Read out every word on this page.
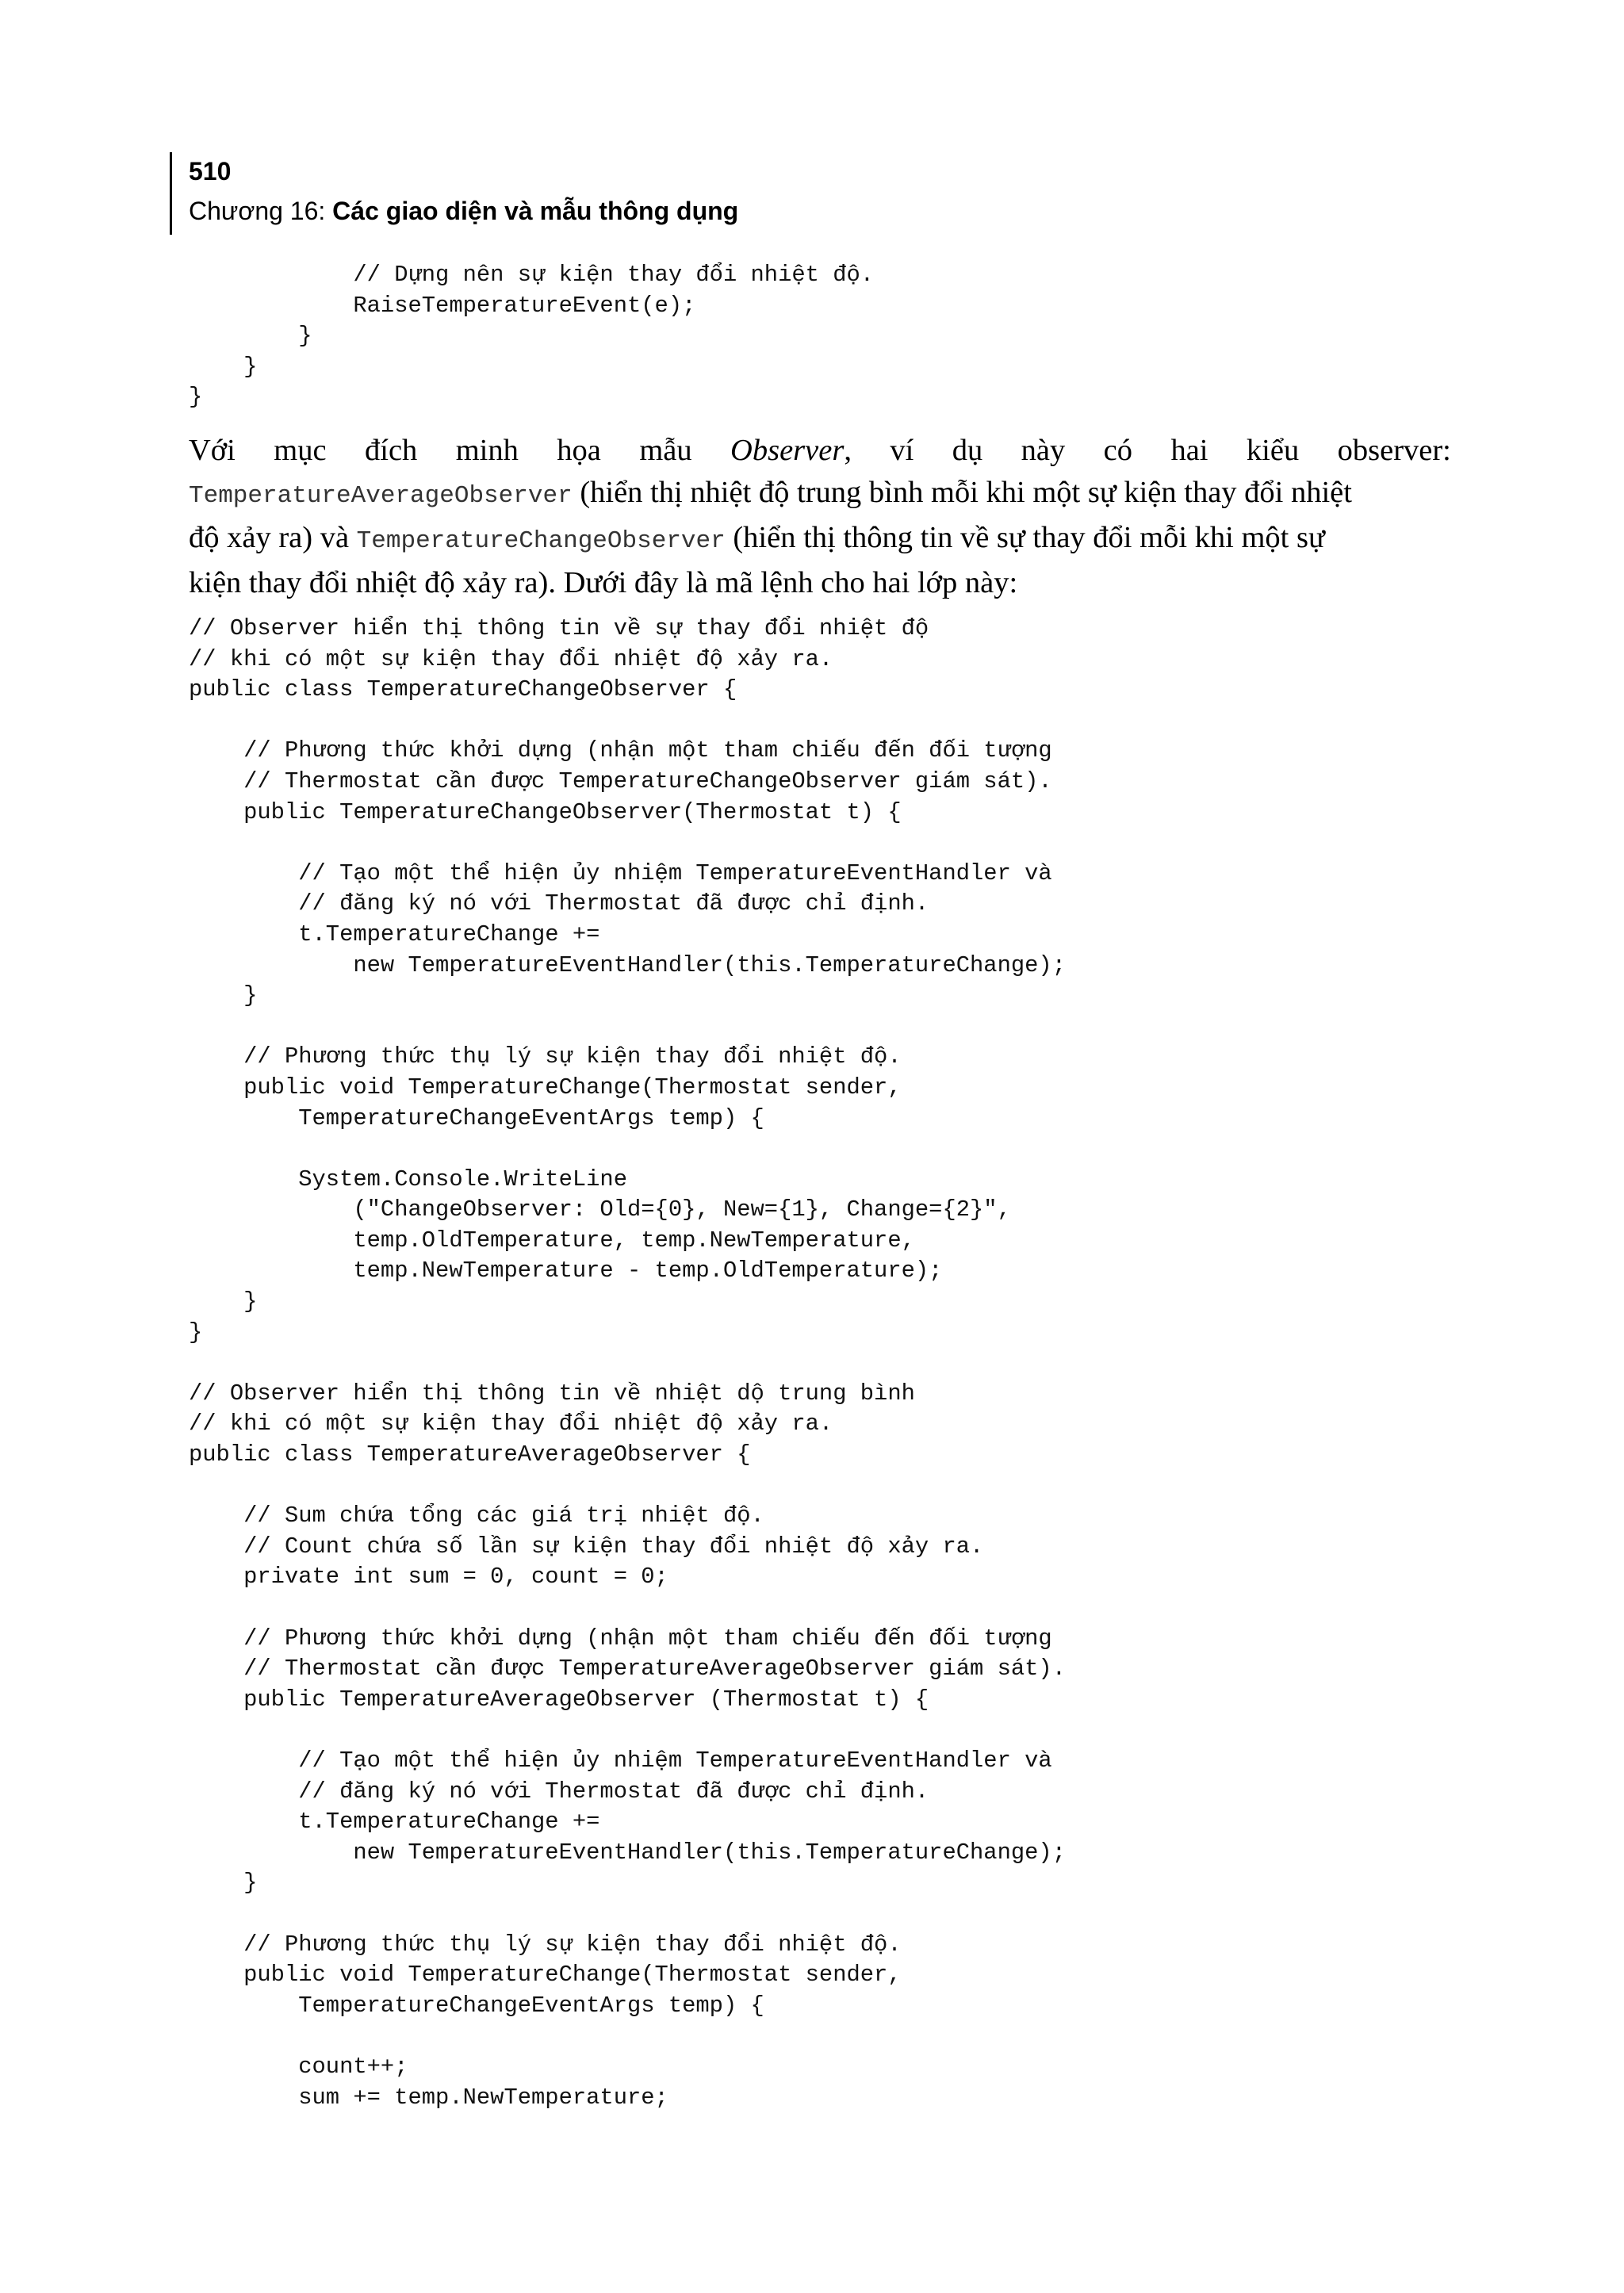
510

Chương 16: Các giao diện và mẫu thông dụng

// Dựng nên sự kiện thay đổi nhiệt độ.
RaiseTemperatureEvent(e);
}
}
}
Với mục đích minh họa mẫu Observer, ví dụ này có hai kiểu observer:
TemperatureAverageObserver (hiển thị nhiệt độ trung bình mỗi khi một sự kiện thay đổi nhiệt
độ xảy ra) và TemperatureChangeObserver (hiển thị thông tin về sự thay đổi mỗi khi một sự
kiện thay đổi nhiệt độ xảy ra). Dưới đây là mã lệnh cho hai lớp này:
// Observer hiển thị thông tin về sự thay đổi nhiệt độ
// khi có một sự kiện thay đổi nhiệt độ xảy ra.
public class TemperatureChangeObserver {

// Phương thức khởi dựng (nhận một tham chiếu đến đối tượng
// Thermostat cần được TemperatureChangeObserver giám sát).
public TemperatureChangeObserver(Thermostat t) {

// Tạo một thể hiện ủy nhiệm TemperatureEventHandler và
// đăng ký nó với Thermostat đã được chỉ định.
t.TemperatureChange +=
new TemperatureEventHandler(this.TemperatureChange);
}

// Phương thức thụ lý sự kiện thay đổi nhiệt độ.
public void TemperatureChange(Thermostat sender,
TemperatureChangeEventArgs temp) {

System.Console.WriteLine
("ChangeObserver: Old={0}, New={1}, Change={2}",
temp.OldTemperature, temp.NewTemperature,
temp.NewTemperature - temp.OldTemperature);
}
}

// Observer hiển thị thông tin về nhiệt dộ trung bình
// khi có một sự kiện thay đổi nhiệt độ xảy ra.
public class TemperatureAverageObserver {

// Sum chứa tổng các giá trị nhiệt độ.
// Count chứa số lần sự kiện thay đổi nhiệt độ xảy ra.
private int sum = 0, count = 0;

// Phương thức khởi dựng (nhận một tham chiếu đến đối tượng
// Thermostat cần được TemperatureAverageObserver giám sát).
public TemperatureAverageObserver (Thermostat t) {

// Tạo một thể hiện ủy nhiệm TemperatureEventHandler và
// đăng ký nó với Thermostat đã được chỉ định.
t.TemperatureChange +=
new TemperatureEventHandler(this.TemperatureChange);
}

// Phương thức thụ lý sự kiện thay đổi nhiệt độ.
public void TemperatureChange(Thermostat sender,
TemperatureChangeEventArgs temp) {

count++;
sum += temp.NewTemperature;
